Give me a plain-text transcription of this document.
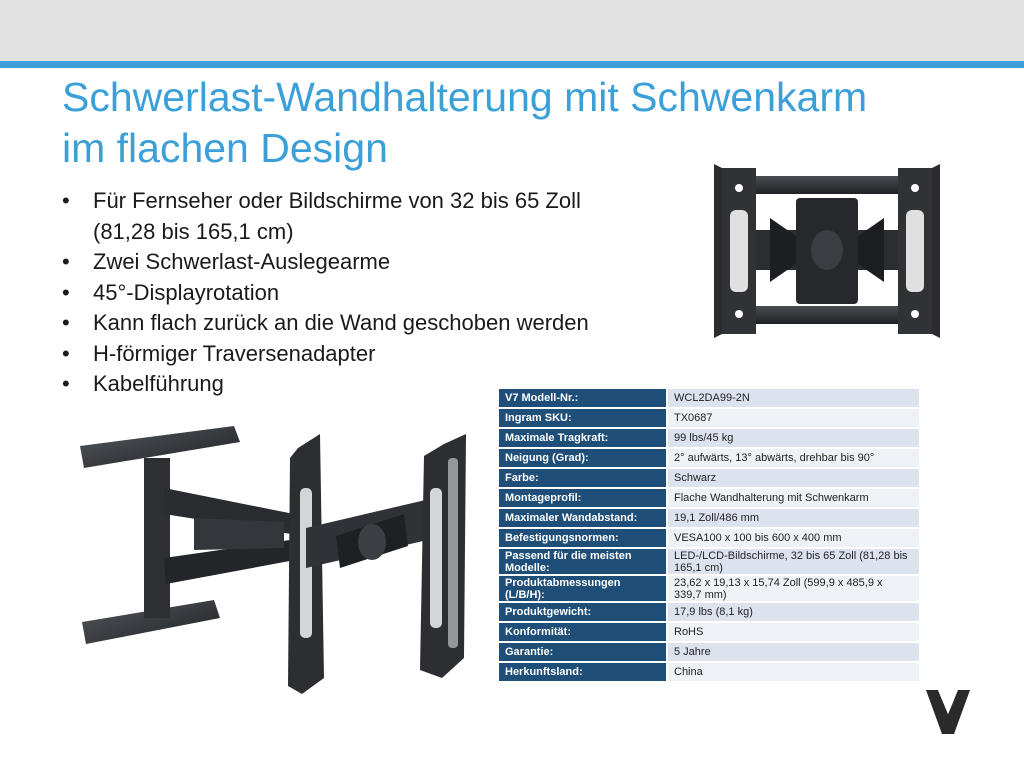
Schwerlast-Wandhalterung mit Schwenkarm
im flachen Design
• Für Fernseher oder Bildschirme von 32 bis 65 Zoll
(81,28 bis 165,1 cm)
• Zwei Schwerlast-Auslegearme
• 45°-Displayrotation
• Kann flach zurück an die Wand geschoben werden
• H-förmiger Traversenadapter
• Kabelführung
V7 Modell-Nr.:	WCL2DA99-2N
Ingram SKU:	TX0687
Maximale Tragkraft:	99 lbs/45 kg
Neigung (Grad):	2° aufwärts, 13° abwärts, drehbar bis 90°
Farbe:	Schwarz
Montageprofil:	Flache Wandhalterung mit Schwenkarm
Maximaler Wandabstand:	19,1 Zoll/486 mm
Befestigungsnormen:	VESA100 x 100 bis 600 x 400 mm
Passend für die meisten Modelle:	LED-/LCD-Bildschirme, 32 bis 65 Zoll (81,28 bis 165,1 cm)
Produktabmessungen (L/B/H):	23,62 x 19,13 x 15,74 Zoll (599,9 x 485,9 x 339,7 mm)
Produktgewicht:	17,9 lbs (8,1 kg)
Konformität:	RoHS
Garantie:	5 Jahre
Herkunftsland:	China
